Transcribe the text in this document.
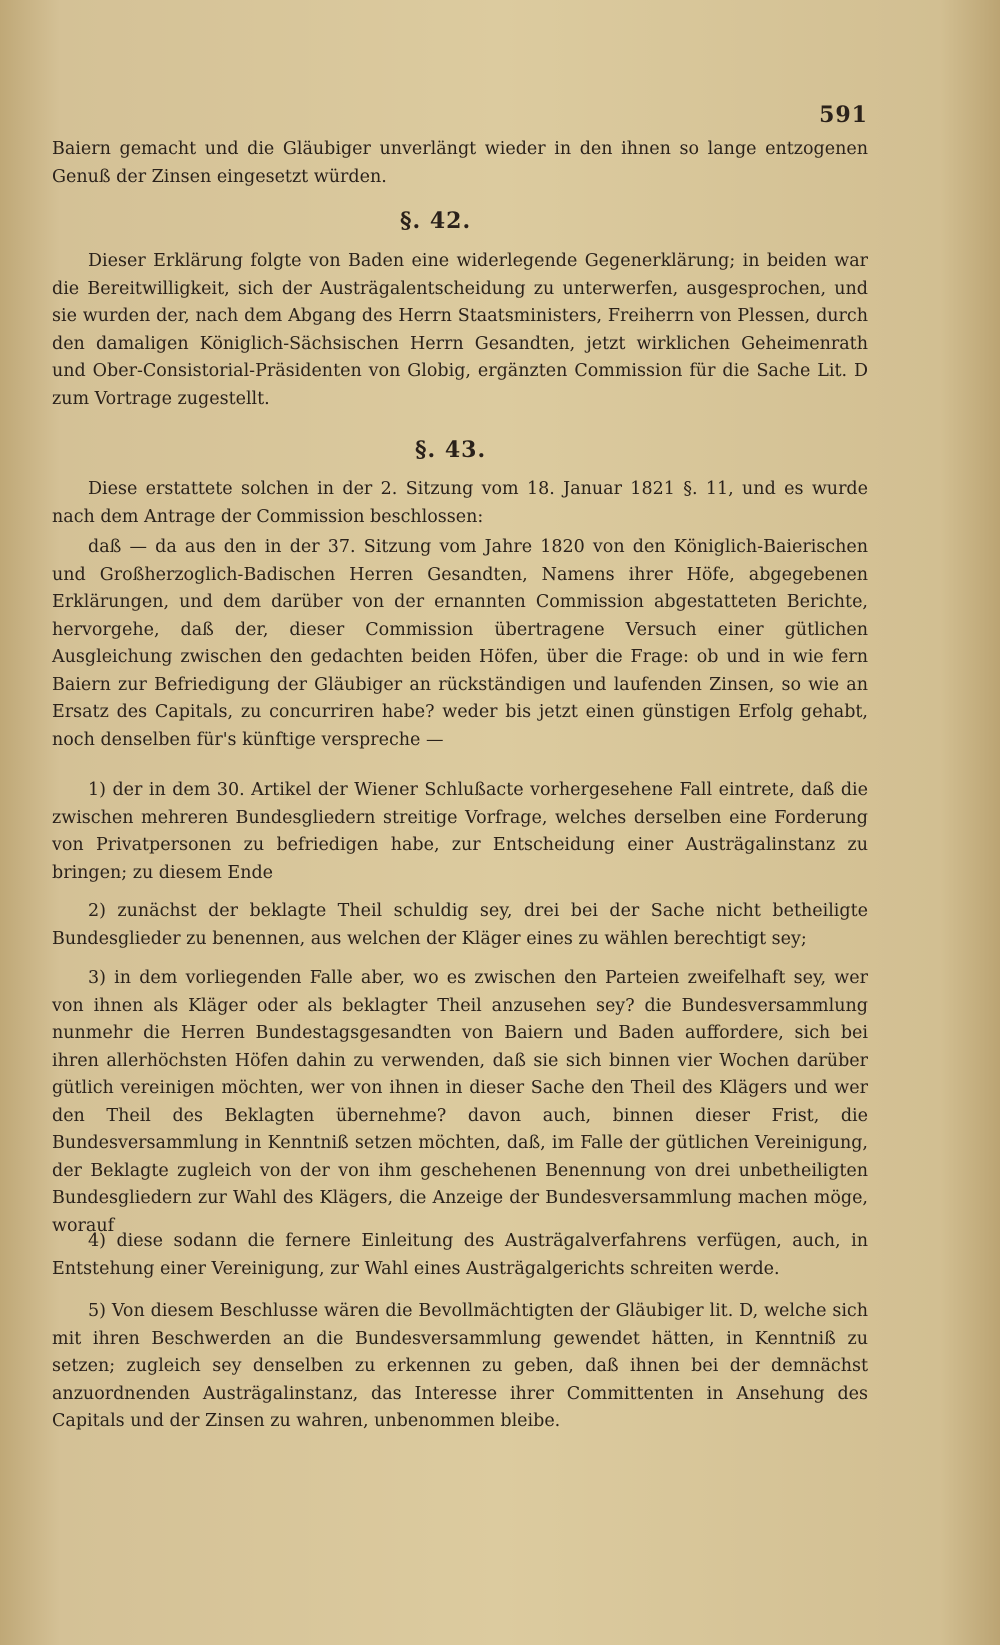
591

Baiern gemacht und die Gläubiger unverlängt wieder in den ihnen so lange entzogenen Genuß der Zinsen eingesetzt würden.

§. 42.

Dieser Erklärung folgte von Baden eine widerlegende Gegenerklärung; in beiden war die Bereitwilligkeit, sich der Austrägalentscheidung zu unterwerfen, ausgesprochen, und sie wurden der, nach dem Abgang des Herrn Staatsministers, Freiherrn von Plessen, durch den damaligen Königlich-Sächsischen Herrn Gesandten, jetzt wirklichen Geheimenrath und Ober-Consistorial-Präsidenten von Globig, ergänzten Commission für die Sache Lit. D zum Vortrage zugestellt.

§. 43.

Diese erstattete solchen in der 2. Sitzung vom 18. Januar 1821 §. 11, und es wurde nach dem Antrage der Commission beschlossen:

daß — da aus den in der 37. Sitzung vom Jahre 1820 von den Königlich-Baierischen und Großherzoglich-Badischen Herren Gesandten, Namens ihrer Höfe, abgegebenen Erklärungen, und dem darüber von der ernannten Commission abgestatteten Berichte, hervorgehe, daß der, dieser Commission übertragene Versuch einer gütlichen Ausgleichung zwischen den gedachten beiden Höfen, über die Frage: ob und in wie fern Baiern zur Befriedigung der Gläubiger an rückständigen und laufenden Zinsen, so wie an Ersatz des Capitals, zu concurriren habe? weder bis jetzt einen günstigen Erfolg gehabt, noch denselben für's künftige verspreche —

1) der in dem 30. Artikel der Wiener Schlußacte vorhergesehene Fall eintrete, daß die zwischen mehreren Bundesgliedern streitige Vorfrage, welches derselben eine Forderung von Privatpersonen zu befriedigen habe, zur Entscheidung einer Austrägalinstanz zu bringen; zu diesem Ende

2) zunächst der beklagte Theil schuldig sey, drei bei der Sache nicht betheiligte Bundesglieder zu benennen, aus welchen der Kläger eines zu wählen berechtigt sey;

3) in dem vorliegenden Falle aber, wo es zwischen den Parteien zweifelhaft sey, wer von ihnen als Kläger oder als beklagter Theil anzusehen sey? die Bundesversammlung nunmehr die Herren Bundestagsgesandten von Baiern und Baden auffordere, sich bei ihren allerhöchsten Höfen dahin zu verwenden, daß sie sich binnen vier Wochen darüber gütlich vereinigen möchten, wer von ihnen in dieser Sache den Theil des Klägers und wer den Theil des Beklagten übernehme? davon auch, binnen dieser Frist, die Bundesversammlung in Kenntniß setzen möchten, daß, im Falle der gütlichen Vereinigung, der Beklagte zugleich von der von ihm geschehenen Benennung von drei unbetheiligten Bundesgliedern zur Wahl des Klägers, die Anzeige der Bundesversammlung machen möge, worauf

4) diese sodann die fernere Einleitung des Austrägalverfahrens verfügen, auch, in Entstehung einer Vereinigung, zur Wahl eines Austrägalgerichts schreiten werde.

5) Von diesem Beschlusse wären die Bevollmächtigten der Gläubiger lit. D, welche sich mit ihren Beschwerden an die Bundesversammlung gewendet hätten, in Kenntniß zu setzen; zugleich sey denselben zu erkennen zu geben, daß ihnen bei der demnächst anzuordnenden Austrägalinstanz, das Interesse ihrer Committenten in Ansehung des Capitals und der Zinsen zu wahren, unbenommen bleibe.
